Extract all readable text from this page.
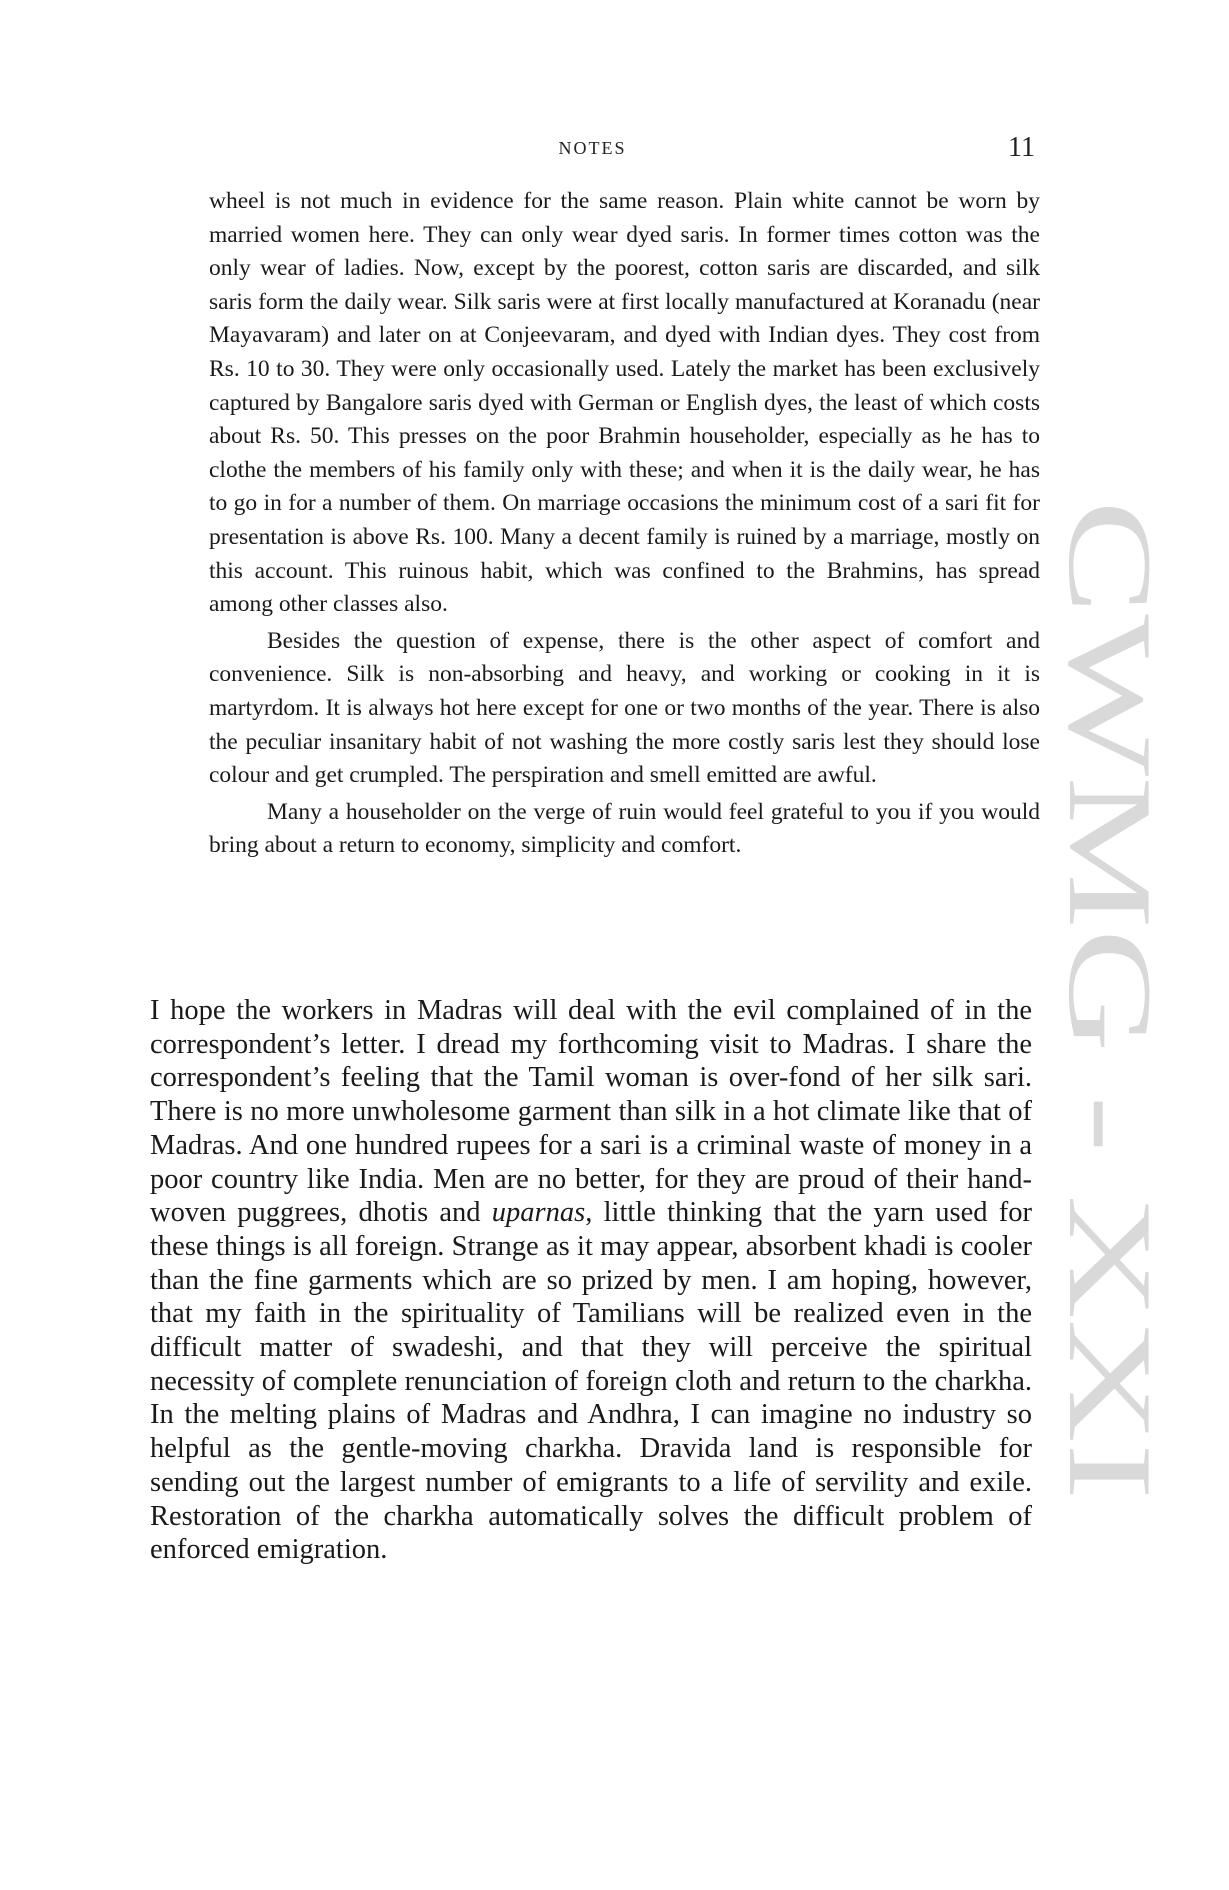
NOTES	11
CWMG - XXI

wheel is not much in evidence for the same reason. Plain white cannot be worn by married women here. They can only wear dyed saris. In former times cotton was the only wear of ladies. Now, except by the poorest, cotton saris are discarded, and silk saris form the daily wear. Silk saris were at first locally manufactured at Koranadu (near Mayavaram) and later on at Conjeevaram, and dyed with Indian dyes. They cost from Rs. 10 to 30. They were only occasionally used. Lately the market has been exclusively captured by Bangalore saris dyed with German or English dyes, the least of which costs about Rs. 50. This presses on the poor Brahmin householder, especially as he has to clothe the members of his family only with these; and when it is the daily wear, he has to go in for a number of them. On marriage occasions the minimum cost of a sari fit for presentation is above Rs. 100. Many a decent family is ruined by a marriage, mostly on this account. This ruinous habit, which was confined to the Brahmins, has spread among other classes also.

Besides the question of expense, there is the other aspect of comfort and convenience. Silk is non-absorbing and heavy, and working or cooking in it is martyrdom. It is always hot here except for one or two months of the year. There is also the peculiar insanitary habit of not washing the more costly saris lest they should lose colour and get crumpled. The perspiration and smell emitted are awful.

Many a householder on the verge of ruin would feel grateful to you if you would bring about a return to economy, simplicity and comfort.

I hope the workers in Madras will deal with the evil complained of in the correspondent’s letter. I dread my forthcoming visit to Madras. I share the correspondent’s feeling that the Tamil woman is over-fond of her silk sari. There is no more unwholesome garment than silk in a hot climate like that of Madras. And one hundred rupees for a sari is a criminal waste of money in a poor country like India. Men are no better, for they are proud of their hand-woven puggrees, dhotis and uparnas, little thinking that the yarn used for these things is all foreign. Strange as it may appear, absorbent khadi is cooler than the fine garments which are so prized by men. I am hoping, however, that my faith in the spirituality of Tamilians will be realized even in the difficult matter of swadeshi, and that they will perceive the spiritual necessity of complete renunciation of foreign cloth and return to the charkha. In the melting plains of Madras and Andhra, I can imagine no industry so helpful as the gentle-moving charkha. Dravida land is responsible for sending out the largest number of emigrants to a life of servility and exile. Restoration of the charkha automatically solves the difficult problem of enforced emigration.
